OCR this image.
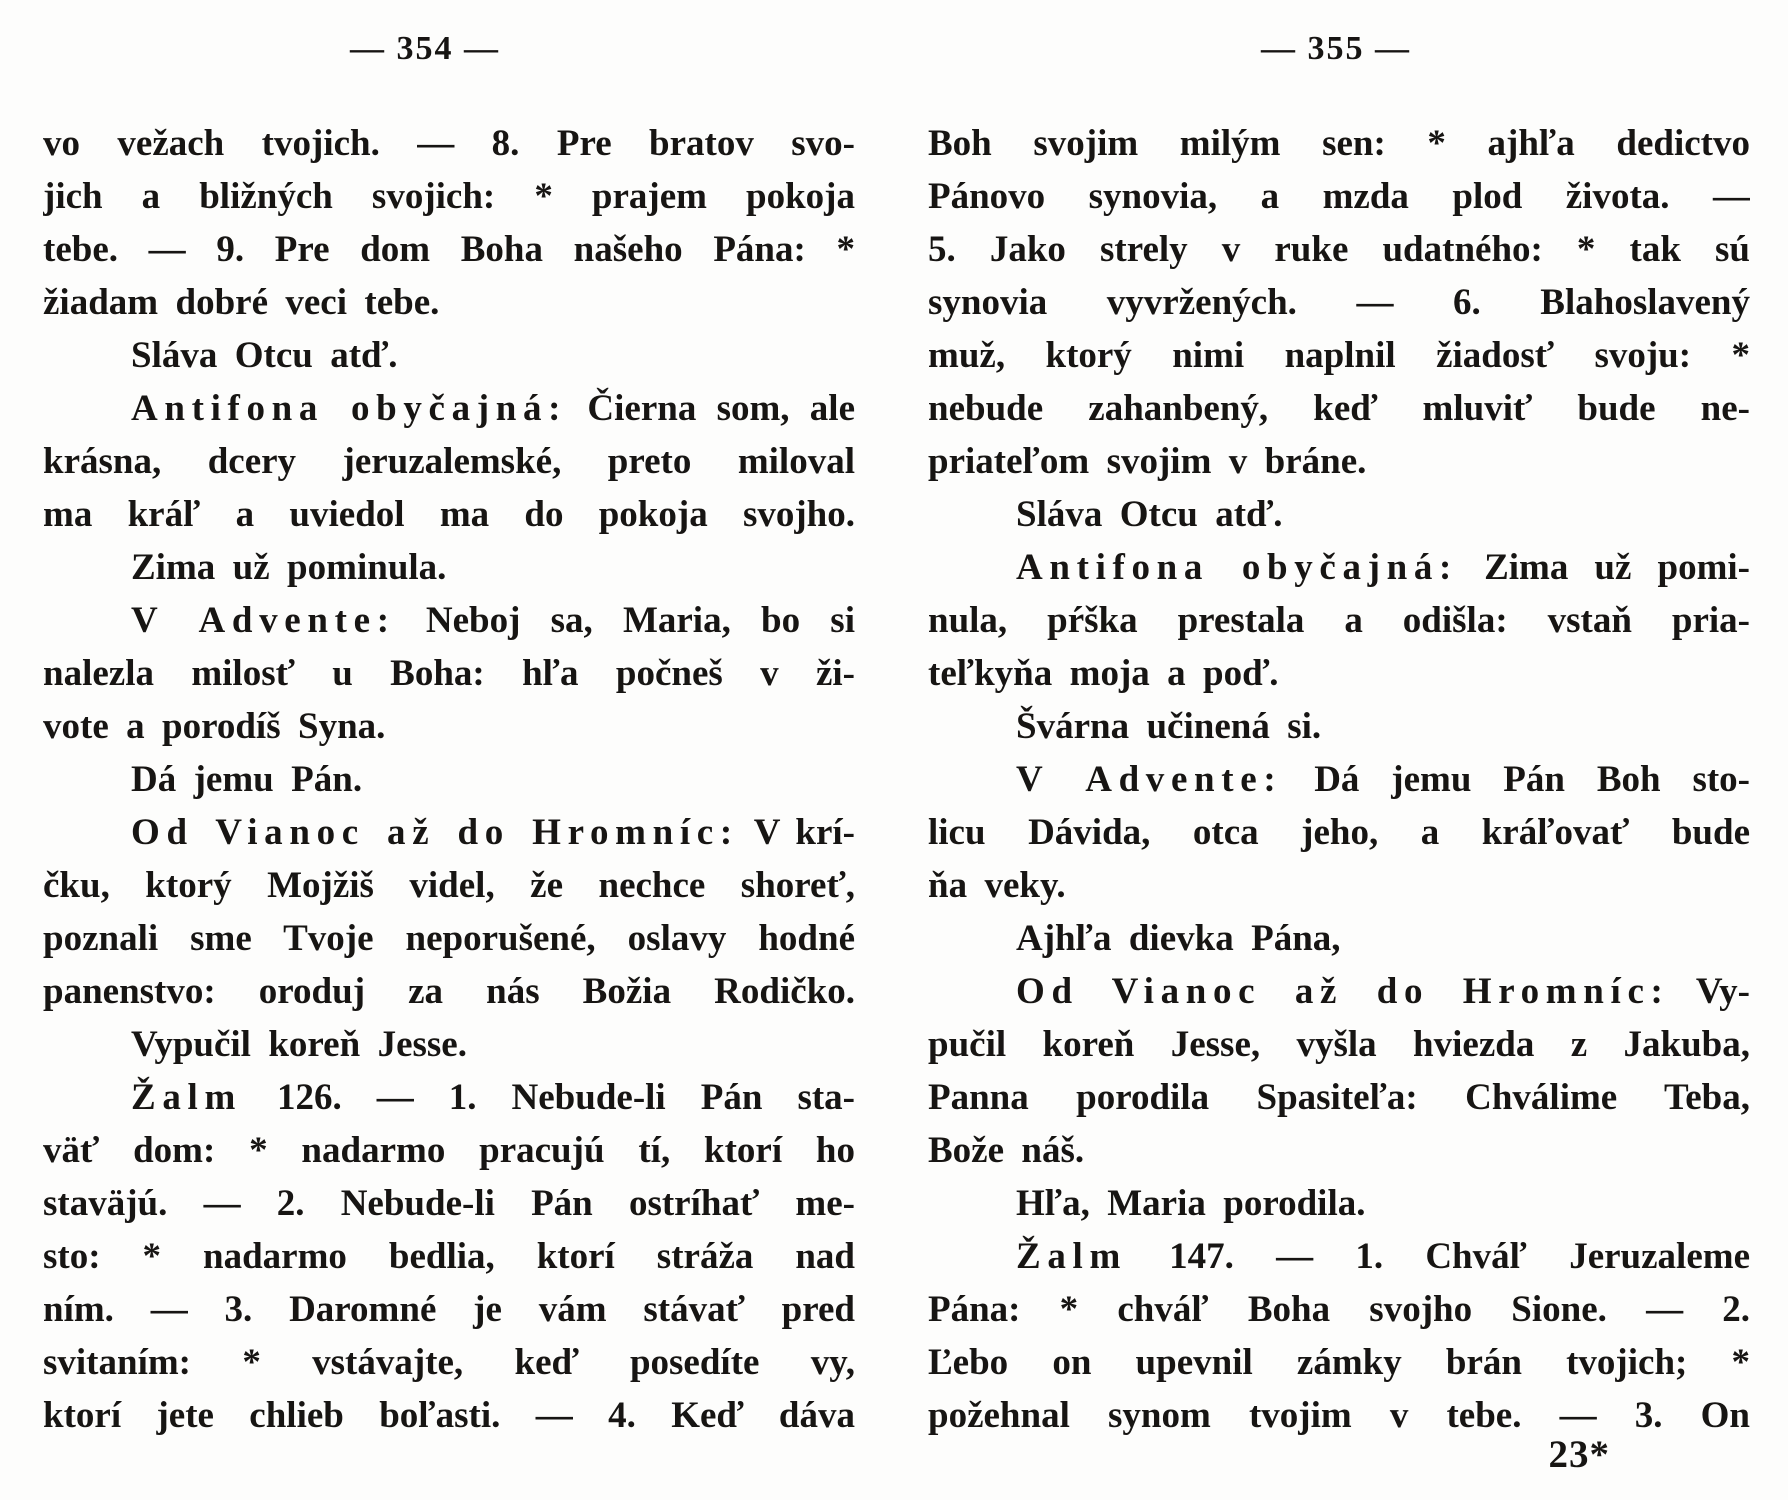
— 354 —
vo vežach tvojich. — 8. Pre bratov svo-
jich a bližných svojich: * prajem pokoja
tebe. — 9. Pre dom Boha našeho Pána: *
žiadam dobré veci tebe.
Sláva Otcu atď.
Antifona obyčajná: Čierna som, ale
krásna, dcery jeruzalemské, preto miloval
ma kráľ a uviedol ma do pokoja svojho.
Zima už pominula.
V Advente: Neboj sa, Maria, bo si
nalezla milosť u Boha: hľa počneš v ži-
vote a porodíš Syna.
Dá jemu Pán.
Od Vianoc až do Hromníc: V krí-
čku, ktorý Mojžiš videl, že nechce shoreť,
poznali sme Tvoje neporušené, oslavy hodné
panenstvo: oroduj za nás Božia Rodičko.
Vypučil koreň Jesse.
Žalm 126. — 1. Nebude-li Pán sta-
väť dom: * nadarmo pracujú tí, ktorí ho
staväjú. — 2. Nebude-li Pán ostríhať me-
sto: * nadarmo bedlia, ktorí stráža nad
ním. — 3. Daromné je vám stávať pred
svitaním: * vstávajte, keď posedíte vy,
ktorí jete chlieb boľasti. — 4. Keď dáva
— 355 —
Boh svojim milým sen: * ajhľa dedictvo
Pánovo synovia, a mzda plod života. —
5. Jako strely v ruke udatného: * tak sú
synovia vyvržených. — 6. Blahoslavený
muž, ktorý nimi naplnil žiadosť svoju: *
nebude zahanbený, keď mluviť bude ne-
priateľom svojim v bráne.
Sláva Otcu atď.
Antifona obyčajná: Zima už pomi-
nula, pŕška prestala a odišla: vstaň pria-
teľkyňa moja a poď.
Švárna učinená si.
V Advente: Dá jemu Pán Boh sto-
licu Dávida, otca jeho, a kráľovať bude
ňa veky.
Ajhľa dievka Pána,
Od Vianoc až do Hromníc: Vy-
pučil koreň Jesse, vyšla hviezda z Jakuba,
Panna porodila Spasiteľa: Chválime Teba,
Bože náš.
Hľa, Maria porodila.
Žalm 147. — 1. Chváľ Jeruzaleme
Pána: * chváľ Boha svojho Sione. — 2.
Ľebo on upevnil zámky brán tvojich; *
požehnal synom tvojim v tebe. — 3. On
23*
